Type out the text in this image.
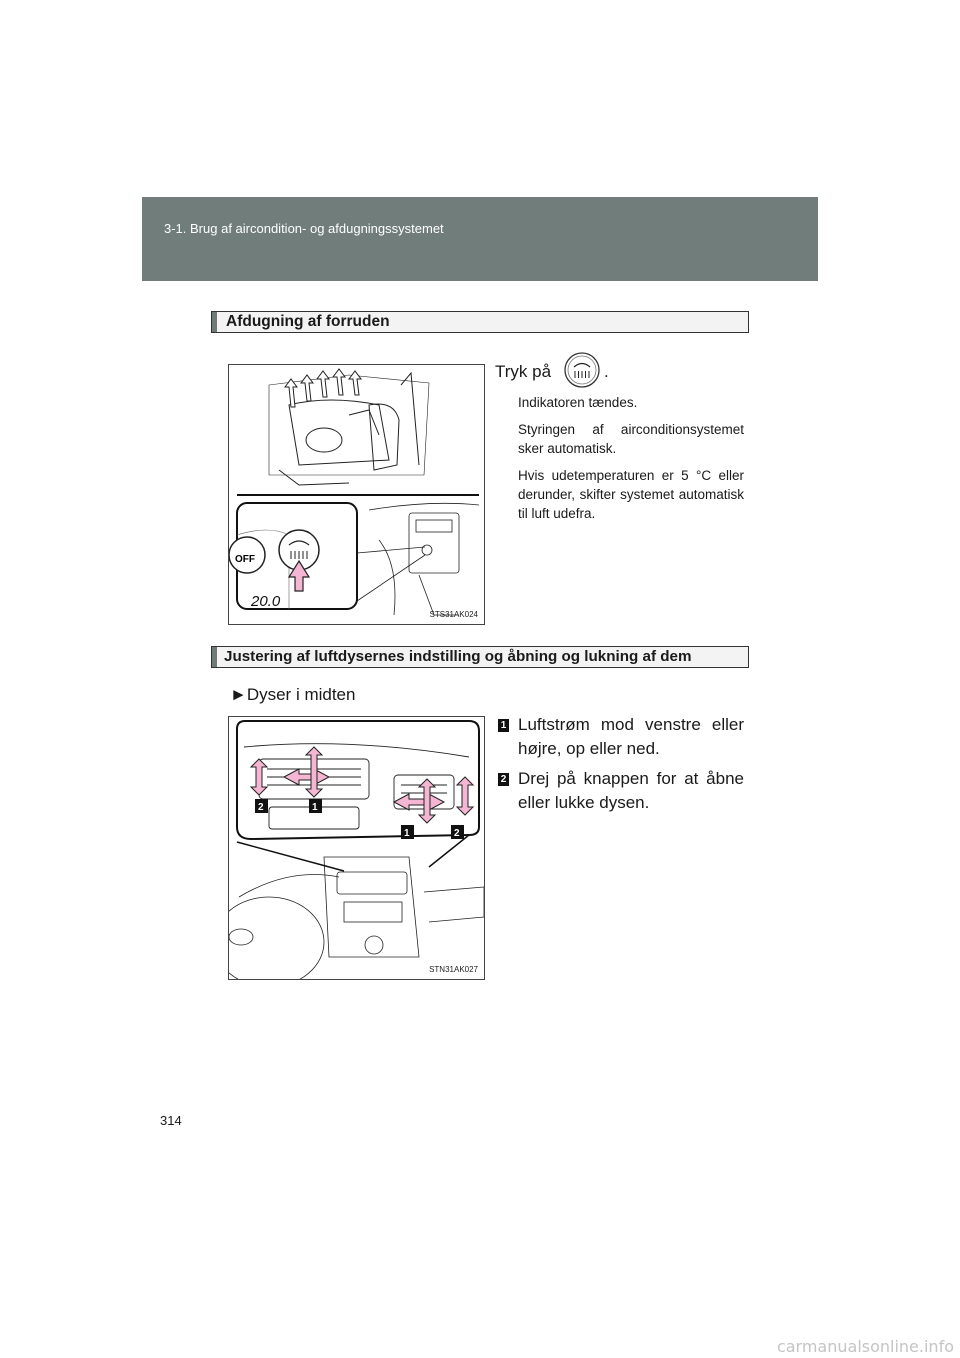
3-1. Brug af aircondition- og afdugningssystemet
Afdugning af forruden
OFF
20.0
STS31AK024
Tryk på	.
Indikatoren tændes.
Styringen af airconditionsystemet sker automatisk.
Hvis udetemperaturen er 5 °C eller derunder, skifter systemet automatisk til luft udefra.
Justering af luftdysernes indstilling og åbning og lukning af dem
►Dyser i midten
2	1
1	2
STN31AK027
1 Luftstrøm mod venstre eller
højre, op eller ned.
2 Drej på knappen for at åbne
eller lukke dysen.
314
carmanualsonline.info
